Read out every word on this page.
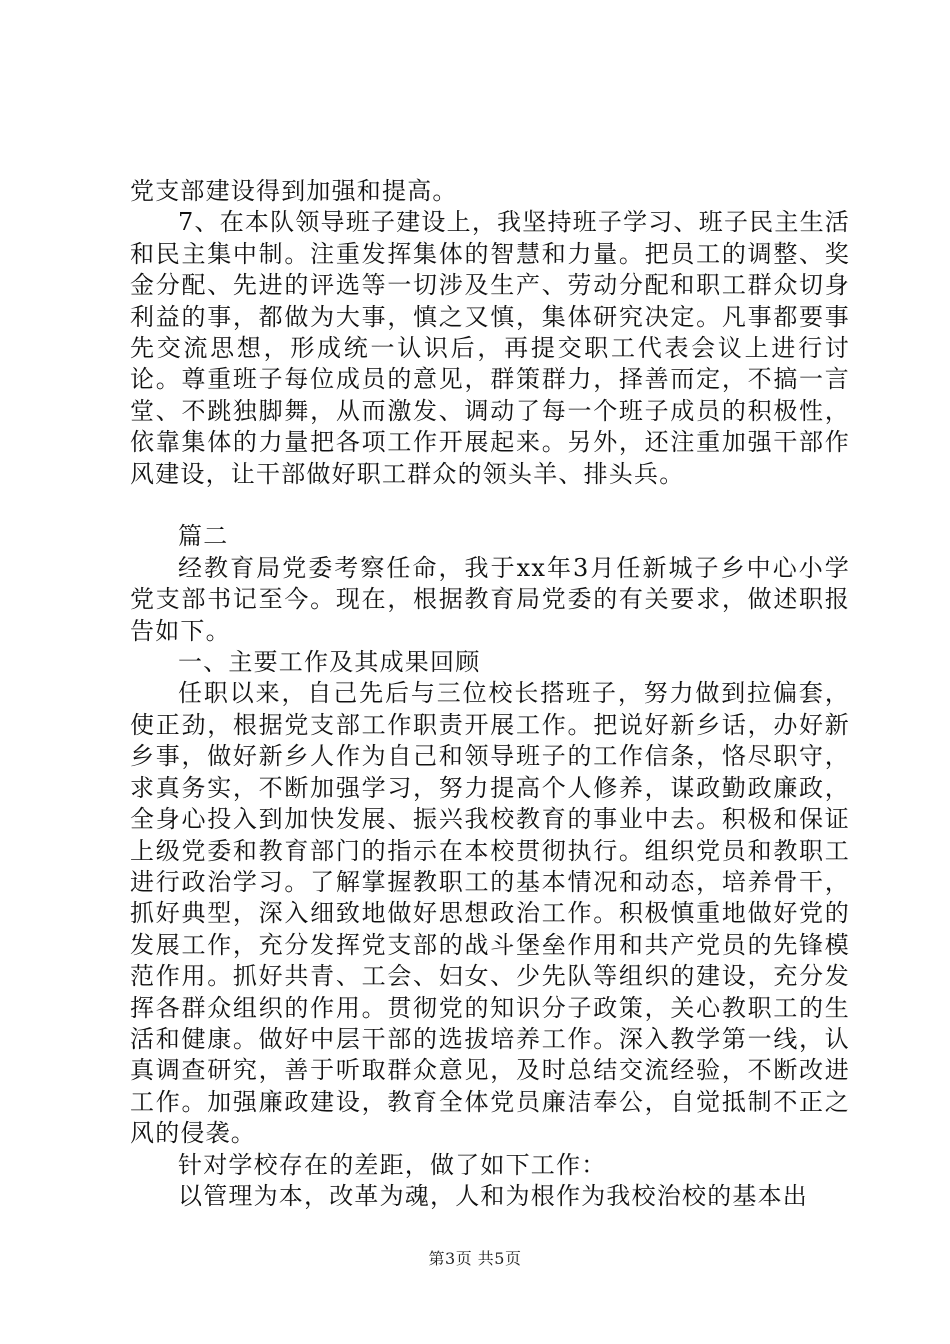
党支部建设得到加强和提高。

7、在本队领导班子建设上，我坚持班子学习、班子民主生活和民主集中制。注重发挥集体的智慧和力量。把员工的调整、奖金分配、先进的评选等一切涉及生产、劳动分配和职工群众切身利益的事，都做为大事，慎之又慎，集体研究决定。凡事都要事先交流思想，形成统一认识后，再提交职工代表会议上进行讨论。尊重班子每位成员的意见，群策群力，择善而定，不搞一言堂、不跳独脚舞，从而激发、调动了每一个班子成员的积极性，依靠集体的力量把各项工作开展起来。另外，还注重加强干部作风建设，让干部做好职工群众的领头羊、排头兵。

篇二

经教育局党委考察任命，我于xx年3月任新城子乡中心小学党支部书记至今。现在，根据教育局党委的有关要求，做述职报告如下。

一、主要工作及其成果回顾

任职以来，自己先后与三位校长搭班子，努力做到拉偏套，使正劲，根据党支部工作职责开展工作。把说好新乡话，办好新乡事，做好新乡人作为自己和领导班子的工作信条，恪尽职守，求真务实，不断加强学习，努力提高个人修养，谋政勤政廉政，全身心投入到加快发展、振兴我校教育的事业中去。积极和保证上级党委和教育部门的指示在本校贯彻执行。组织党员和教职工进行政治学习。了解掌握教职工的基本情况和动态，培养骨干，抓好典型，深入细致地做好思想政治工作。积极慎重地做好党的发展工作，充分发挥党支部的战斗堡垒作用和共产党员的先锋模范作用。抓好共青、工会、妇女、少先队等组织的建设，充分发挥各群众组织的作用。贯彻党的知识分子政策，关心教职工的生活和健康。做好中层干部的选拔培养工作。深入教学第一线，认真调查研究，善于听取群众意见，及时总结交流经验，不断改进工作。加强廉政建设，教育全体党员廉洁奉公，自觉抵制不正之风的侵袭。

针对学校存在的差距，做了如下工作：

以管理为本，改革为魂，人和为根作为我校治校的基本出

第3页 共5页
